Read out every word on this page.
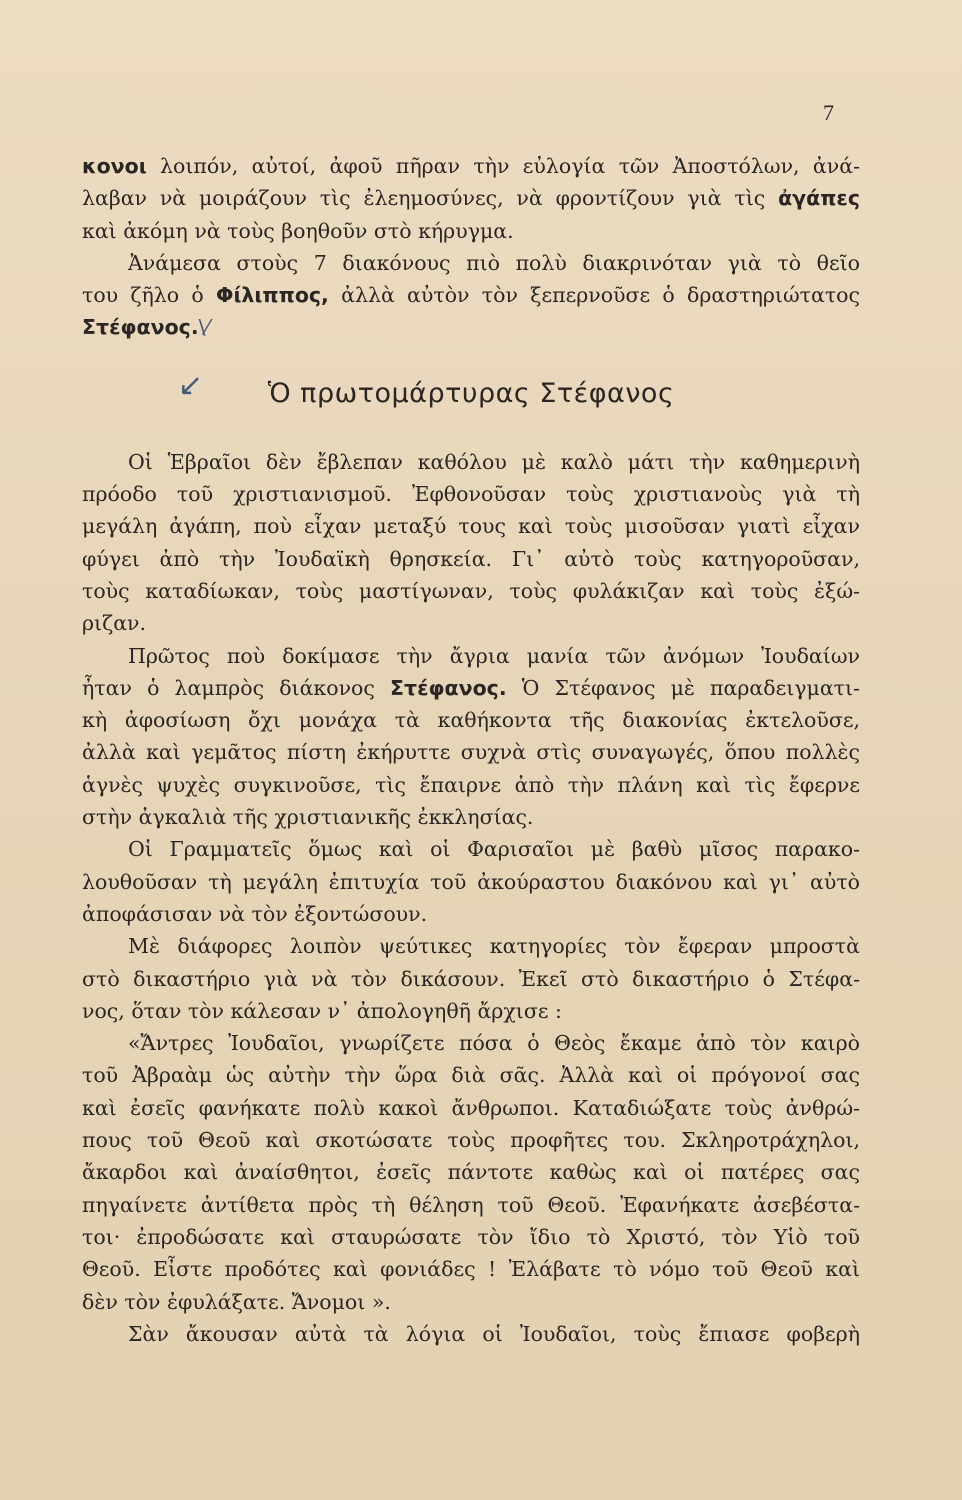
7
κονοι λοιπόν, αὐτοί, ἀφοῦ πῆραν τὴν εὐλογία τῶν Ἀποστόλων, ἀνά-
λαβαν νὰ μοιράζουν τὶς ἐλεημοσύνες, νὰ φροντίζουν γιὰ τὶς ἀγάπες
καὶ ἀκόμη νὰ τοὺς βοηθοῦν στὸ κήρυγμα.
Ἀνάμεσα στοὺς 7 διακόνους πιὸ πολὺ διακρινόταν γιὰ τὸ θεῖο
του ζῆλο ὁ Φίλιππος, ἀλλὰ αὐτὸν τὸν ξεπερνοῦσε ὁ δραστηριώτατος
Στέφανος.\⁄
↙ Ὁ πρωτομάρτυρας Στέφανος
Οἱ Ἑβραῖοι δὲν ἔβλεπαν καθόλου μὲ καλὸ μάτι τὴν καθημερινὴ
πρόοδο τοῦ χριστιανισμοῦ. Ἐφθονοῦσαν τοὺς χριστιανοὺς γιὰ τὴ
μεγάλη ἀγάπη, ποὺ εἶχαν μεταξύ τους καὶ τοὺς μισοῦσαν γιατὶ εἶχαν
φύγει ἀπὸ τὴν Ἰουδαϊκὴ θρησκεία. Γι᾿ αὐτὸ τοὺς κατηγοροῦσαν,
τοὺς καταδίωκαν, τοὺς μαστίγωναν, τοὺς φυλάκιζαν καὶ τοὺς ἐξώ-
ριζαν.
Πρῶτος ποὺ δοκίμασε τὴν ἄγρια μανία τῶν ἀνόμων Ἰουδαίων
ἦταν ὁ λαμπρὸς διάκονος Στέφανος. Ὁ Στέφανος μὲ παραδειγματι-
κὴ ἀφοσίωση ὄχι μονάχα τὰ καθήκοντα τῆς διακονίας ἐκτελοῦσε,
ἀλλὰ καὶ γεμᾶτος πίστη ἐκήρυττε συχνὰ στὶς συναγωγές, ὅπου πολλὲς
ἁγνὲς ψυχὲς συγκινοῦσε, τὶς ἔπαιρνε ἀπὸ τὴν πλάνη καὶ τὶς ἔφερνε
στὴν ἀγκαλιὰ τῆς χριστιανικῆς ἐκκλησίας.
Οἱ Γραμματεῖς ὅμως καὶ οἱ Φαρισαῖοι μὲ βαθὺ μῖσος παρακο-
λουθοῦσαν τὴ μεγάλη ἐπιτυχία τοῦ ἀκούραστου διακόνου καὶ γι᾿ αὐτὸ
ἀποφάσισαν νὰ τὸν ἐξοντώσουν.
Μὲ διάφορες λοιπὸν ψεύτικες κατηγορίες τὸν ἔφεραν μπροστὰ
στὸ δικαστήριο γιὰ νὰ τὸν δικάσουν. Ἐκεῖ στὸ δικαστήριο ὁ Στέφα-
νος, ὅταν τὸν κάλεσαν ν᾿ ἀπολογηθῆ ἄρχισε :
«Ἄντρες Ἰουδαῖοι, γνωρίζετε πόσα ὁ Θεὸς ἔκαμε ἀπὸ τὸν καιρὸ
τοῦ Ἀβραὰμ ὡς αὐτὴν τὴν ὥρα διὰ σᾶς. Ἀλλὰ καὶ οἱ πρόγονοί σας
καὶ ἐσεῖς φανήκατε πολὺ κακοὶ ἄνθρωποι. Καταδιώξατε τοὺς ἀνθρώ-
πους τοῦ Θεοῦ καὶ σκοτώσατε τοὺς προφῆτες του. Σκληροτράχηλοι,
ἄκαρδοι καὶ ἀναίσθητοι, ἐσεῖς πάντοτε καθὼς καὶ οἱ πατέρες σας
πηγαίνετε ἀντίθετα πρὸς τὴ θέληση τοῦ Θεοῦ. Ἐφανήκατε ἀσεβέστα-
τοι· ἐπροδώσατε καὶ σταυρώσατε τὸν ἴδιο τὸ Χριστό, τὸν Υἱὸ τοῦ
Θεοῦ. Εἶστε προδότες καὶ φονιάδες ! Ἐλάβατε τὸ νόμο τοῦ Θεοῦ καὶ
δὲν τὸν ἐφυλάξατε. Ἄνομοι ».
Σὰν ἄκουσαν αὐτὰ τὰ λόγια οἱ Ἰουδαῖοι, τοὺς ἔπιασε φοβερὴ
